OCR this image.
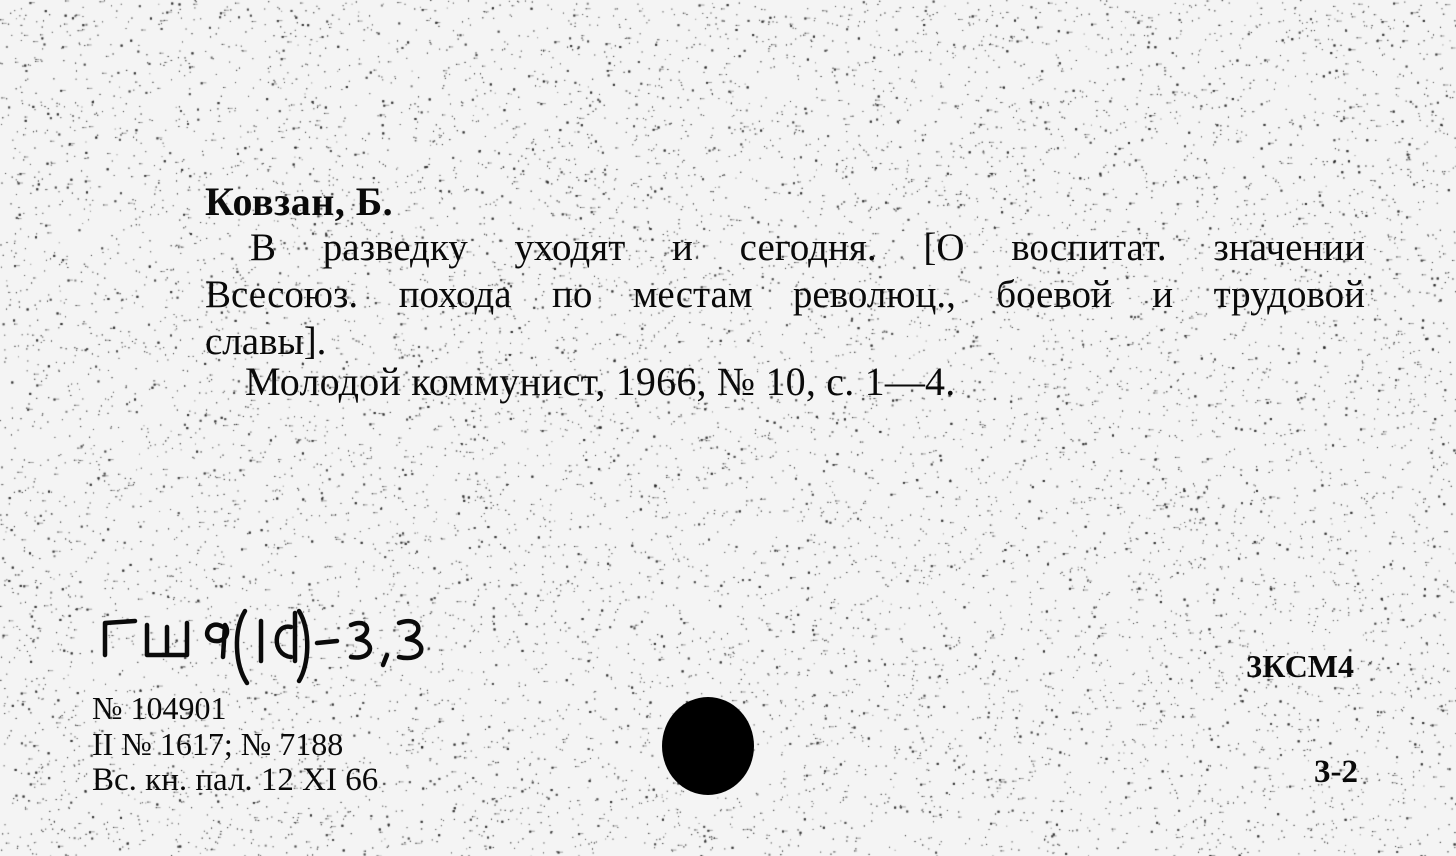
Ковзан, Б.
В разведку уходят и сегодня. [О воспитат. значении
Всесоюз. похода по местам революц., боевой и трудовой
славы].
Молодой коммунист, 1966, № 10, с. 1—4.
№ 104901
II № 1617; № 7188
Вс. кн. пал. 12 XI 66
3КСМ4
3-2
